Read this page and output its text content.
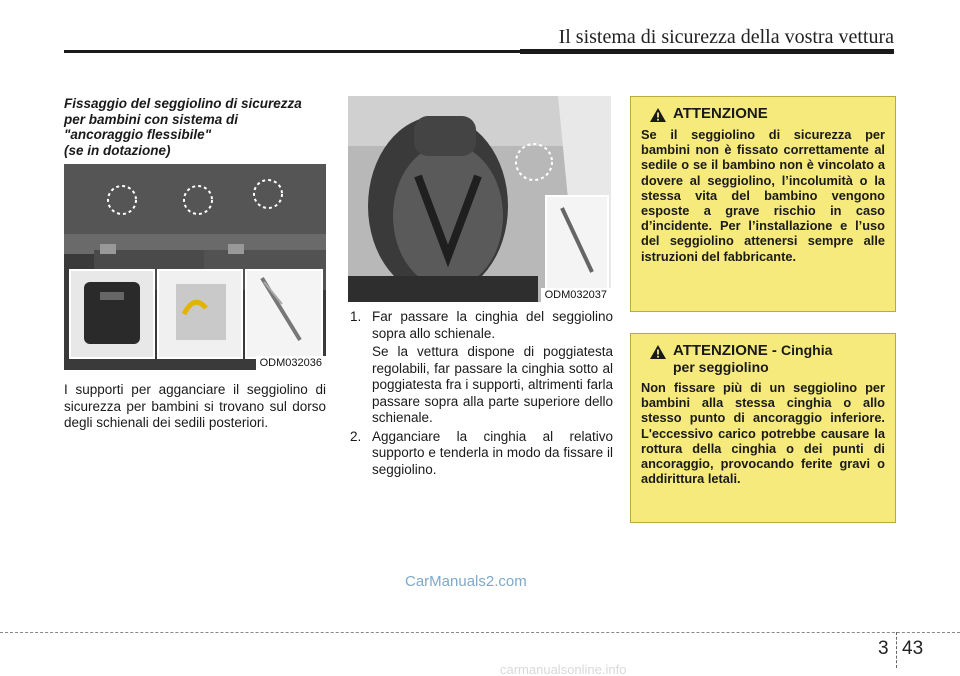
Il sistema di sicurezza della vostra vettura
Fissaggio del seggiolino di sicurezza
per bambini con sistema di
"ancoraggio flessibile"
(se in dotazione)
ODM032036
I supporti per agganciare il seggiolino di sicurezza per bambini si trovano sul dorso degli schienali dei sedili posteriori.
ODM032037
1. Far passare la cinghia del seggiolino sopra allo schienale.
Se la vettura dispone di poggiatesta regolabili, far passare la cinghia sotto al poggiatesta fra i supporti, altrimenti farla passare sopra alla parte superiore dello schienale.
2. Agganciare la cinghia al relativo supporto e tenderla in modo da fissare il seggiolino.
ATTENZIONE
Se il seggiolino di sicurezza per bambini non è fissato correttamente al sedile o se il bambino non è vincolato a dovere al seggiolino, l’incolumità o la stessa vita del bambino vengono esposte a grave rischio in caso d’incidente. Per l’installazione e l’uso del seggiolino attenersi sempre alle istruzioni del fabbricante.
ATTENZIONE - Cinghia
per seggiolino
Non fissare più di un seggiolino per bambini alla stessa cinghia o allo stesso punto di ancoraggio inferiore. L'eccessivo carico potrebbe causare la rottura della cinghia o dei punti di ancoraggio, provocando ferite gravi o addirittura letali.
CarManuals2.com
3 43
carmanualsonline.info
